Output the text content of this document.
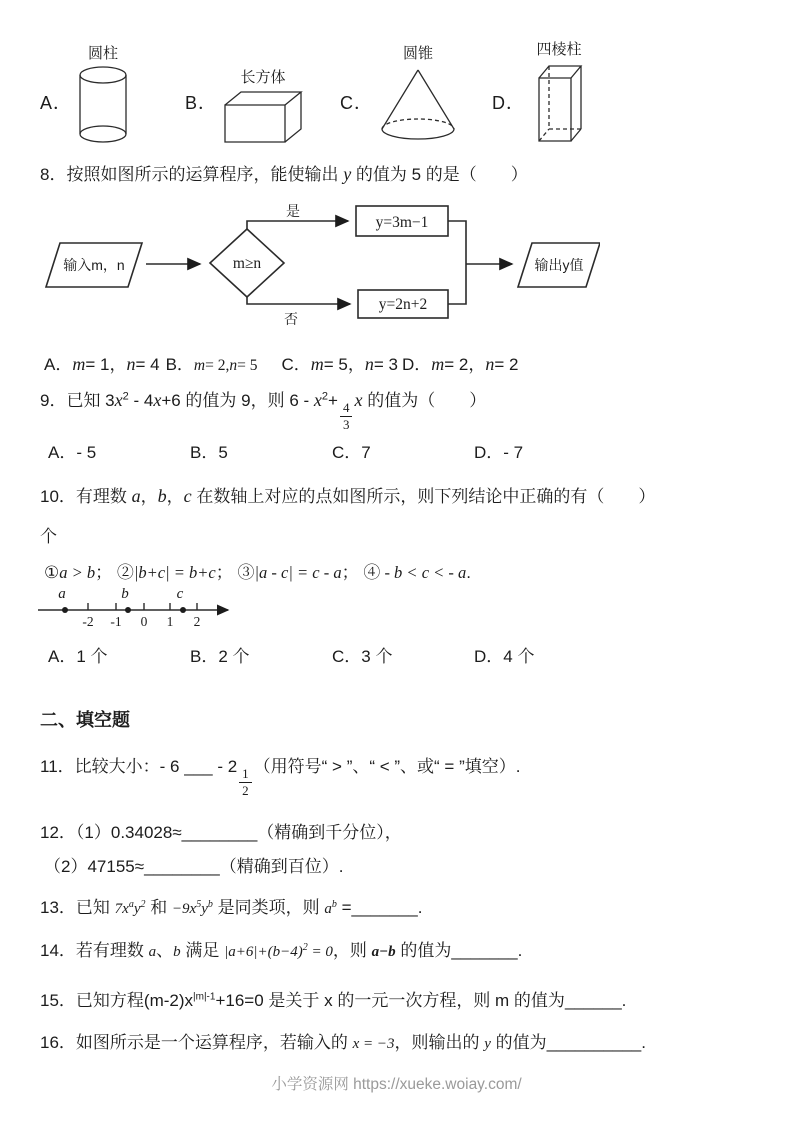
A．
圆柱
B．
长方体
C．
圆锥
D．
四棱柱
8．按照如图所示的运算程序，能使输出 y 的值为 5 的是（　　）
输入m，n	m≥n
是
y=3m−1
否
y=2n+2
输出y值
A．m= 1，n= 4 B．m= 2,n= 5 C．m= 5，n= 3 D．m= 2，n= 2
9．已知 $3x^2 - 4x+6$ 的值为 9，则 $6 - x^2+$
$\frac{4}{3}$
x 的值为（　　）
A．- 5	B．5	C．7	D．- 7
10．有理数 a，b，c 在数轴上对应的点如图所示，则下列结论中正确的有（　　）
个
①a > b； ②|b+c| = b+c； ③|a - c| = c - a； ④ - b < c < - a.
-2 -1 0 1 2
a	b	c
A．1 个	B．2 个	C．3 个	D．4 个
二、填空题
11．比较大小：- 6 ___ - 2
$\frac{1}{2}$
（用符号“ > ”、“ < ”、或“ = ”填空）.
12．（1）0.34028≈________（精确到千分位），
（2）47155≈________（精确到百位）.
13．已知 $7x^ay^2$ 和 $-9x^5y^b$ 是同类项，则 $a^b$ =_______.
14．若有理数 a、b 满足 $|a+6|+(b-4)^2 = 0$，则 a−b 的值为_______.
15．已知方程$(m-2)x^{|m|-1}+16=0$ 是关于 x 的一元一次方程，则 m 的值为______.
16．如图所示是一个运算程序，若输入的 x = −3，则输出的 y 的值为__________.
小学资源网 https://xueke.woiay.com/
